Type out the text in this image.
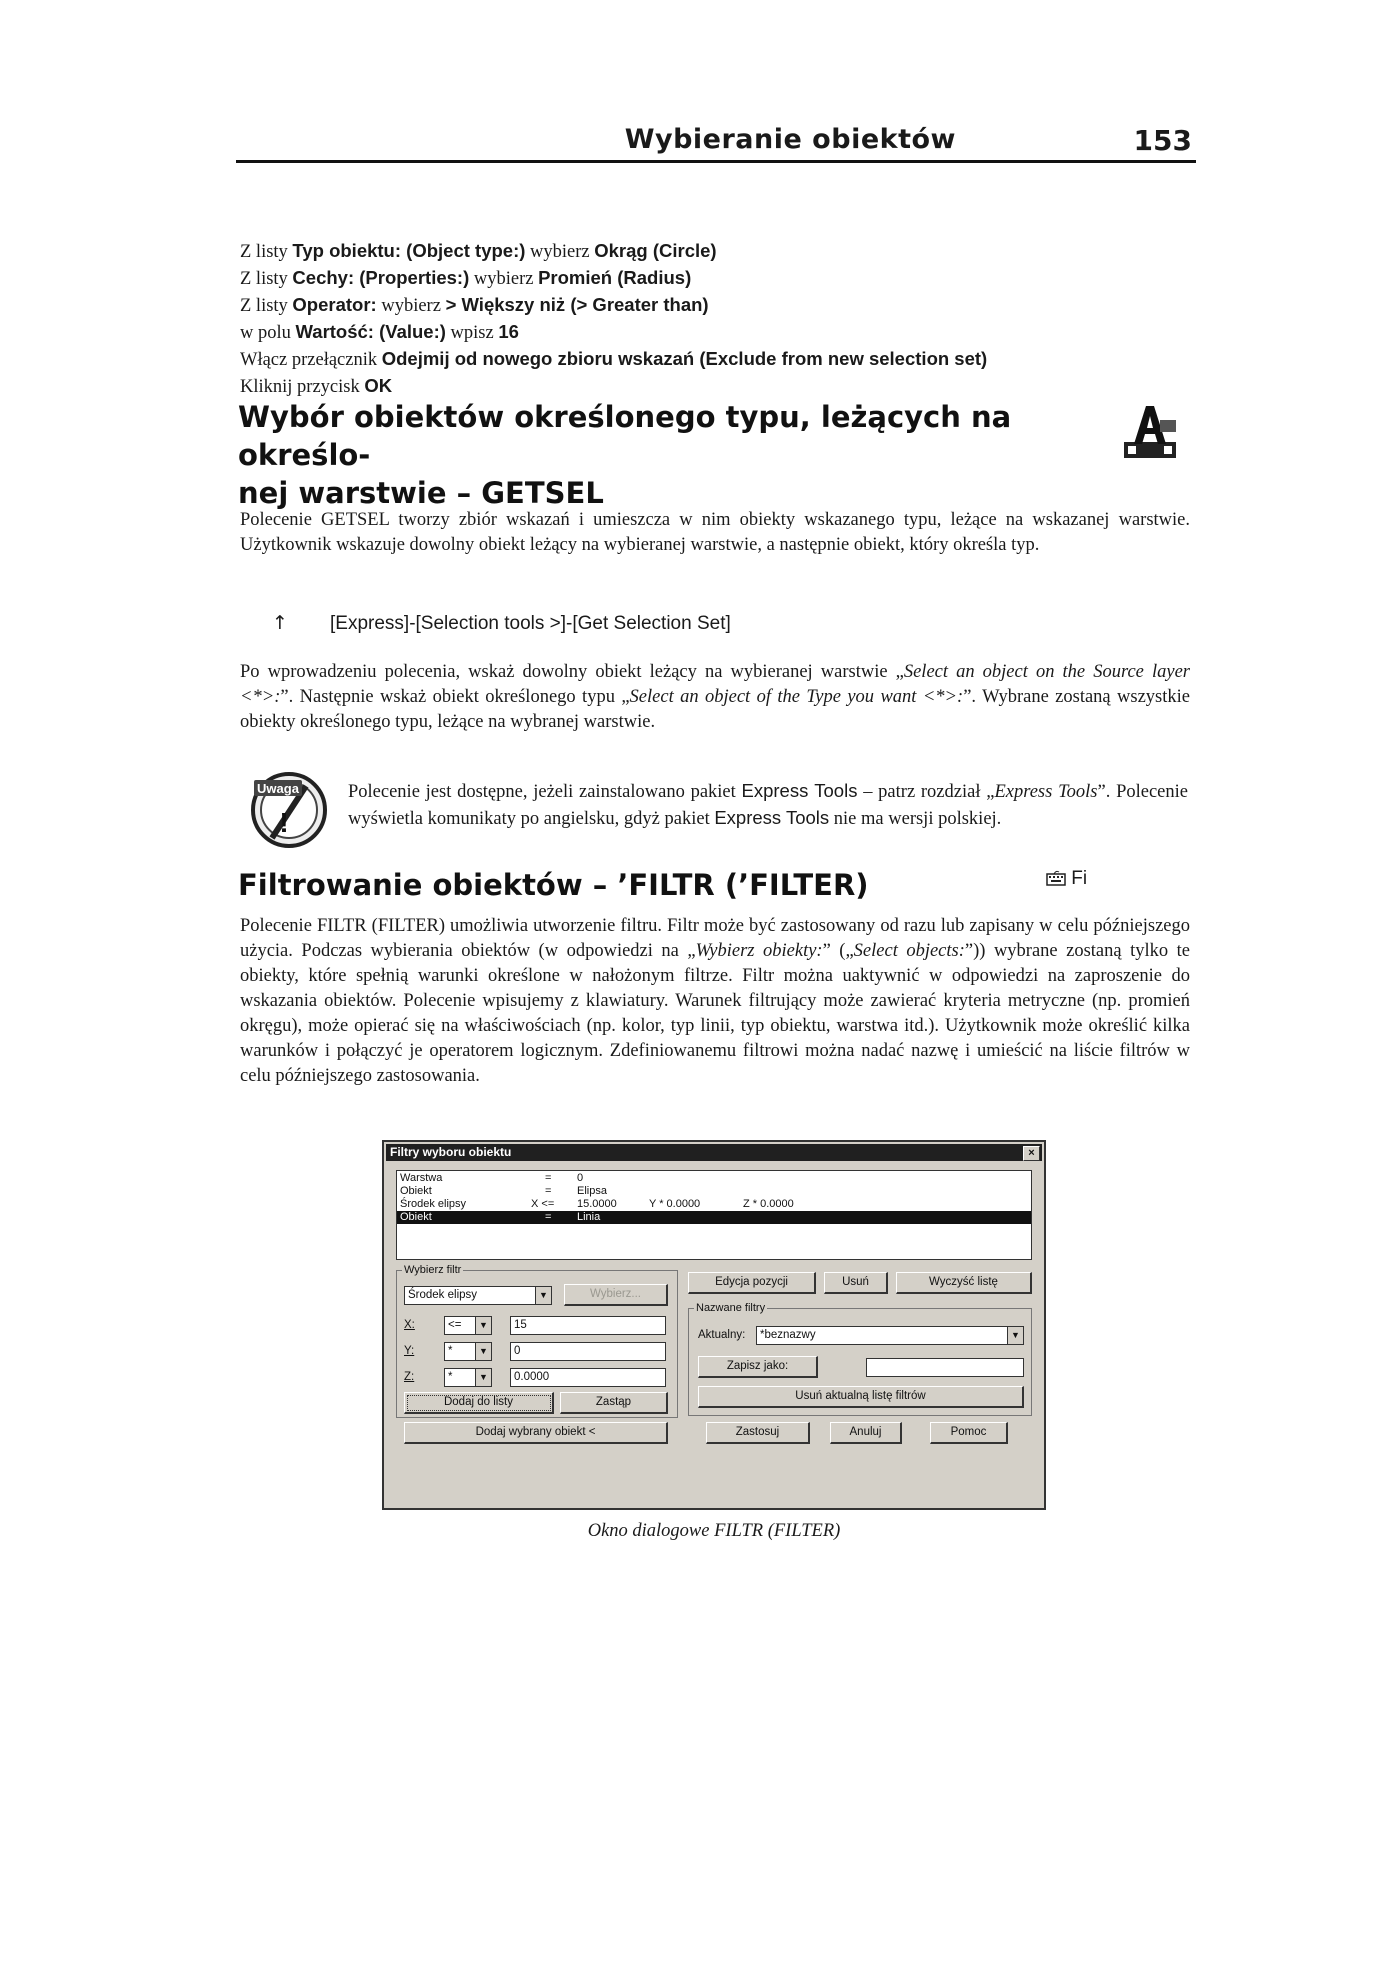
Wybieranie obiektów	153
Z listy Typ obiektu: (Object type:) wybierz Okrąg (Circle)
Z listy Cechy: (Properties:) wybierz Promień (Radius)
Z listy Operator: wybierz > Większy niż (> Greater than)
w polu Wartość: (Value:) wpisz 16
Włącz przełącznik Odejmij od nowego zbioru wskazań (Exclude from new selection set)
Kliknij przycisk OK
Wybór obiektów określonego typu, leżących na określo-
nej warstwie – GETSEL
Polecenie GETSEL tworzy zbiór wskazań i umieszcza w nim obiekty wskazanego typu, leżące na wskazanej warstwie. Użytkownik wskazuje dowolny obiekt leżący na wybieranej warstwie, a następnie obiekt, który określa typ.
↑ [Express]-[Selection tools >]-[Get Selection Set]
Po wprowadzeniu polecenia, wskaż dowolny obiekt leżący na wybieranej warstwie „Select an object on the Source layer <*>:”. Następnie wskaż obiekt określonego typu „Select an object of the Type you want <*>:”. Wybrane zostaną wszystkie obiekty określonego typu, leżące na wybranej warstwie.
Uwaga
!
Polecenie jest dostępne, jeżeli zainstalowano pakiet Express Tools – patrz rozdział „Express Tools”. Polecenie wyświetla komunikaty po angielsku, gdyż pakiet Express Tools nie ma wersji polskiej.
Filtrowanie obiektów – ’FILTR (’FILTER)	Fi
Polecenie FILTR (FILTER) umożliwia utworzenie filtru. Filtr może być zastosowany od razu lub zapisany w celu późniejszego użycia. Podczas wybierania obiektów (w odpowiedzi na „Wybierz obiekty:” („Select objects:”)) wybrane zostaną tylko te obiekty, które spełnią warunki określone w nałożonym filtrze. Filtr można uaktywnić w odpowiedzi na zaproszenie do wskazania obiektów. Polecenie wpisujemy z klawiatury. Warunek filtrujący może zawierać kryteria metryczne (np. promień okręgu), może opierać się na właściwościach (np. kolor, typ linii, typ obiektu, warstwa itd.). Użytkownik może określić kilka warunków i połączyć je operatorem logicznym. Zdefiniowanemu filtrowi można nadać nazwę i umieścić na liście filtrów w celu późniejszego zastosowania.
Filtry wyboru obiektu	×
Warstwa	= 0
Obiekt	= Elipsa
Środek elipsy	X <= 15.0000	Y * 0.0000	Z * 0.0000
Obiekt	= Linia
Wybierz filtr
Środek elipsy	▼	Wybierz...
X:	<=	▼	15
Y:	*	▼	0
Z:	*	▼	0.0000
Dodaj do listy	Zastąp
Dodaj wybrany obiekt <
Edycja pozycji	Usuń	Wyczyść listę
Nazwane filtry
Aktualny:	*beznazwy	▼
Zapisz jako:
Usuń aktualną listę filtrów
Zastosuj	Anuluj	Pomoc
Okno dialogowe FILTR (FILTER)
